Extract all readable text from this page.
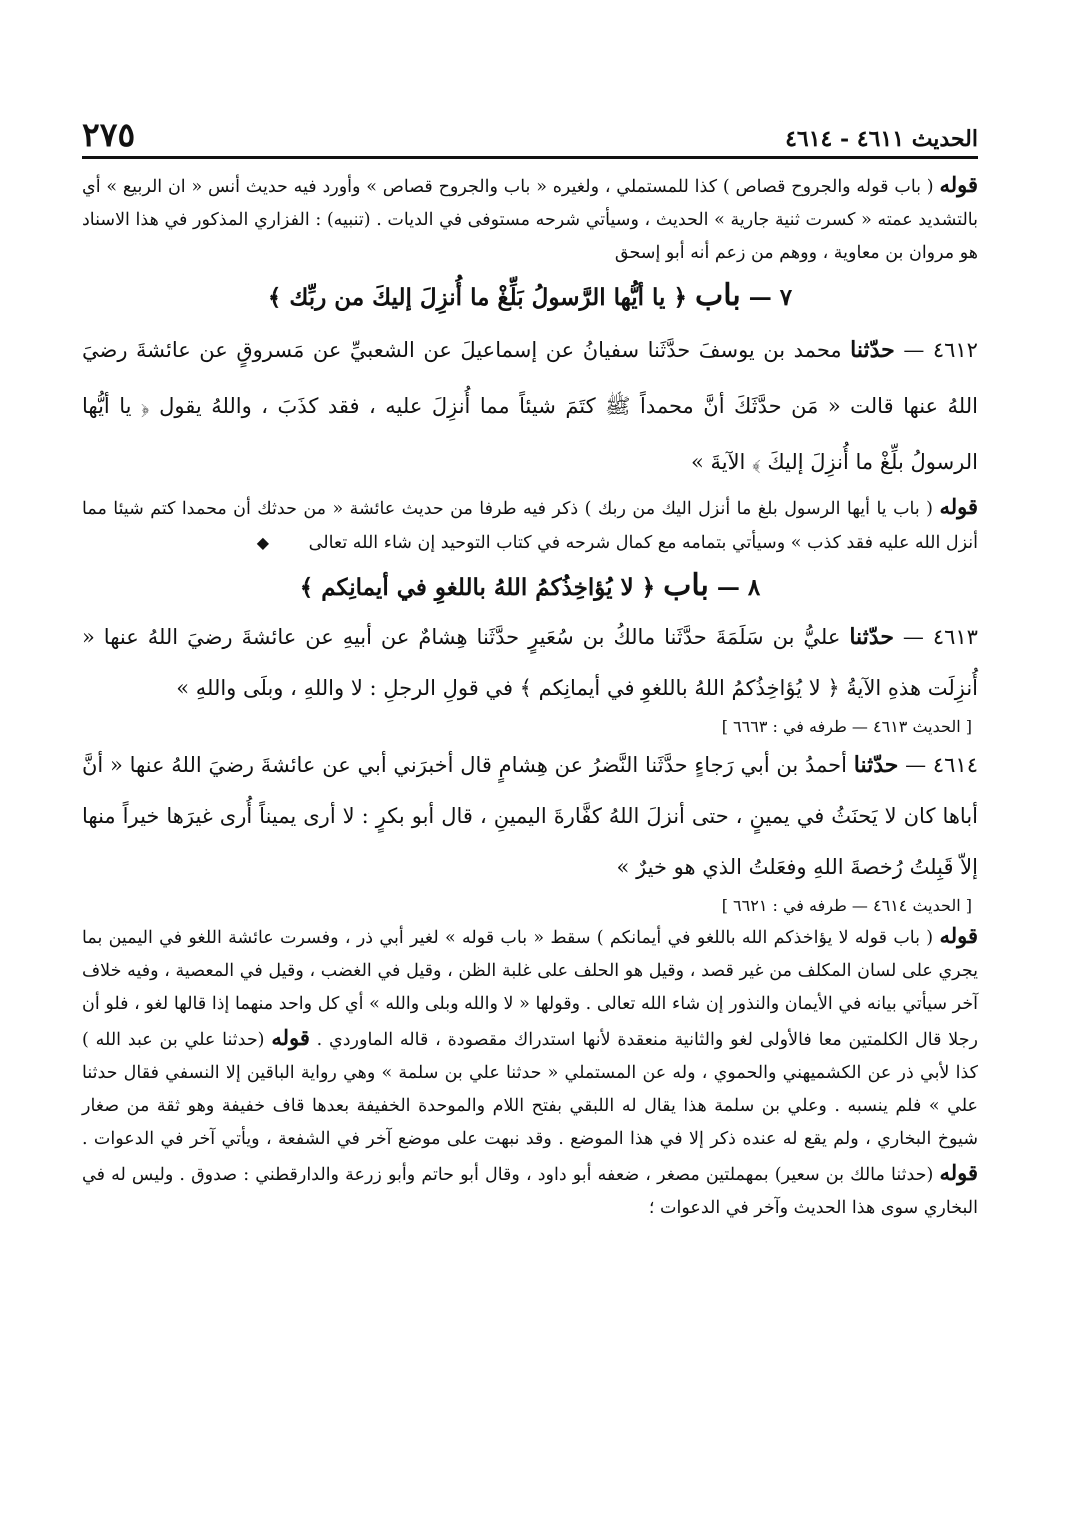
٢٧٥	الحديث ٤٦١١ - ٤٦١٤

قوله ( باب قوله والجروح قصاص ) كذا للمستملي ، ولغيره « باب والجروح قصاص » وأورد فيه حديث أنس « ان الربيع » أي بالتشديد عمته « كسرت ثنية جارية » الحديث ، وسيأتي شرحه مستوفى في الديات . (تنبيه) : الفزاري المذكور في هذا الاسناد هو مروان بن معاوية ، ووهم من زعم أنه أبو إسحق

٧ — باب ﴿ يا أيُّها الرَّسولُ بَلِّغْ ما أُنزِلَ إليكَ من ربِّك ﴾

٤٦١٢ — حدّثنا محمد بن يوسفَ حدَّثَنا سفيانُ عن إسماعيلَ عن الشعبيِّ عن مَسروقٍ عن عائشةَ رضيَ اللهُ عنها قالت « مَن حدَّثَكَ أنَّ محمداً ﷺ كتَمَ شيئاً مما أُنزِلَ عليه ، فقد كذَبَ ، واللهُ يقول ﴿ يا أيُّها الرسولُ بلِّغْ ما أُنزِلَ إليكَ ﴾ الآيةَ »

قوله ( باب يا أيها الرسول بلغ ما أنزل اليك من ربك ) ذكر فيه طرفا من حديث عائشة « من حدثك أن محمدا كتم شيئا مما أنزل الله عليه فقد كذب » وسيأتي بتمامه مع كمال شرحه في كتاب التوحيد إن شاء الله تعالى ◆

٨ — باب ﴿ لا يُؤاخِذُكمُ اللهُ باللغوِ في أيمانِكم ﴾

٤٦١٣ — حدّثنا عليُّ بن سَلَمَةَ حدَّثَنا مالكُ بن سُعَيرٍ حدَّثَنا هِشامٌ عن أبيهِ عن عائشةَ رضيَ اللهُ عنها « أُنزِلَت هذهِ الآيةُ ﴿ لا يُؤاخِذُكمُ اللهُ باللغوِ في أيمانِكم ﴾ في قولِ الرجلِ : لا واللهِ ، وبلَى واللهِ »

[ الحديث ٤٦١٣ — طرفه في : ٦٦٦٣ ]

٤٦١٤ — حدّثنا أحمدُ بن أبي رَجاءٍ حدَّثَنا النَّضرُ عن هِشامٍ قال أخبرَني أبي عن عائشةَ رضيَ اللهُ عنها « أنَّ أباها كان لا يَحنَثُ في يمينٍ ، حتى أنزلَ اللهُ كفَّارةَ اليمينِ ، قال أبو بكرٍ : لا أرى يميناً أُرى غيرَها خيراً منها إلاّ قَبِلتُ رُخصةَ اللهِ وفعَلتُ الذي هو خيرٌ »

[ الحديث ٤٦١٤ — طرفه في : ٦٦٢١ ]

قوله ( باب قوله لا يؤاخذكم الله باللغو في أيمانكم ) سقط « باب قوله » لغير أبي ذر ، وفسرت عائشة اللغو في اليمين بما يجري على لسان المكلف من غير قصد ، وقيل هو الحلف على غلبة الظن ، وقيل في الغضب ، وقيل في المعصية ، وفيه خلاف آخر سيأتي بيانه في الأيمان والنذور إن شاء الله تعالى . وقولها « لا والله وبلى والله » أي كل واحد منهما إذا قالها لغو ، فلو أن رجلا قال الكلمتين معا فالأولى لغو والثانية منعقدة لأنها استدراك مقصودة ، قاله الماوردي . قوله (حدثنا علي بن عبد الله ) كذا لأبي ذر عن الكشميهني والحموي ، وله عن المستملي « حدثنا علي بن سلمة » وهي رواية الباقين إلا النسفي فقال حدثنا علي » فلم ينسبه . وعلي بن سلمة هذا يقال له اللبقي بفتح اللام والموحدة الخفيفة بعدها قاف خفيفة وهو ثقة من صغار شيوخ البخاري ، ولم يقع له عنده ذكر إلا في هذا الموضع . وقد نبهت على موضع آخر في الشفعة ، ويأتي آخر في الدعوات . قوله (حدثنا مالك بن سعير) بمهملتين مصغر ، ضعفه أبو داود ، وقال أبو حاتم وأبو زرعة والدارقطني : صدوق . وليس له في البخاري سوى هذا الحديث وآخر في الدعوات ؛
